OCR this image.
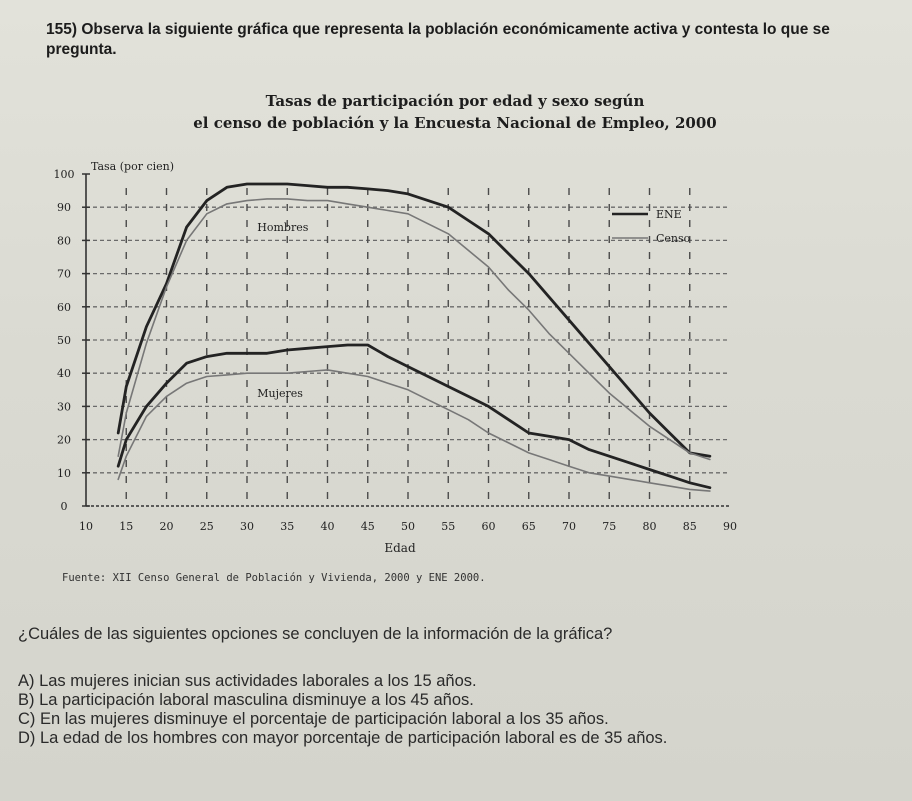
155) Observa la siguiente gráfica que representa la población económicamente activa y contesta lo que se pregunta.
Tasas de participación por edad y sexo según
el censo de población y la Encuesta Nacional de Empleo, 2000
0
10
20
30
40
50
60
70
80
90
100
10 15 20 25 30 35 40 45 50 55 60 65 70 75 80 85 90
Tasa (por cien)
Edad
Hombres
Mujeres
ENE
Censo
Fuente: XII Censo General de Población y Vivienda, 2000 y ENE 2000.
¿Cuáles de las siguientes opciones se concluyen de la información de la gráfica?
A) Las mujeres inician sus actividades laborales a los 15 años.
B) La participación laboral masculina disminuye a los 45 años.
C) En las mujeres disminuye el porcentaje de participación laboral a los 35 años.
D) La edad de los hombres con mayor porcentaje de participación laboral es de 35 años.
